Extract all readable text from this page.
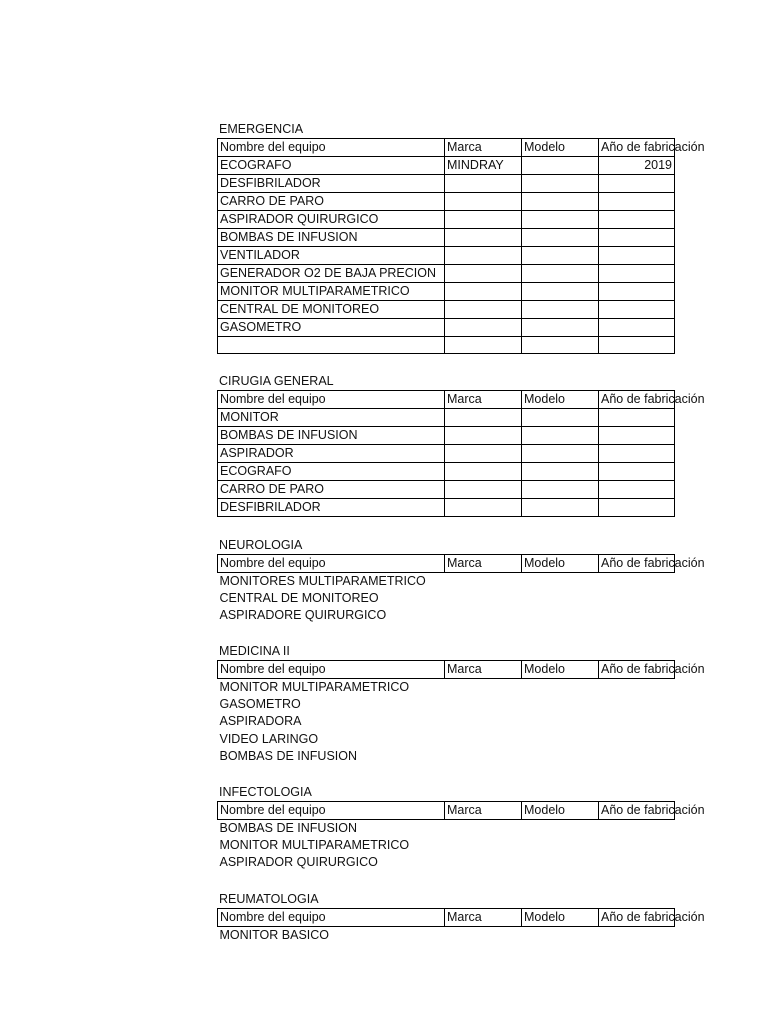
EMERGENCIA
Nombre del equipo	Marca	Modelo	Año de fabricación
ECOGRAFO	MINDRAY		2019
DESFIBRILADOR			
CARRO DE PARO			
ASPIRADOR QUIRURGICO			
BOMBAS DE INFUSION			
VENTILADOR			
GENERADOR O2 DE BAJA PRECION			
MONITOR MULTIPARAMETRICO			
CENTRAL DE MONITOREO			
GASOMETRO			

CIRUGIA GENERAL
Nombre del equipo	Marca	Modelo	Año de fabricación
MONITOR			
BOMBAS DE INFUSION			
ASPIRADOR			
ECOGRAFO			
CARRO DE PARO			
DESFIBRILADOR			
NEUROLOGIA
Nombre del equipo	Marca	Modelo	Año de fabricación
MONITORES MULTIPARAMETRICO			
CENTRAL DE MONITOREO			
ASPIRADORE QUIRURGICO			
MEDICINA II
Nombre del equipo	Marca	Modelo	Año de fabricación
MONITOR MULTIPARAMETRICO			
GASOMETRO			
ASPIRADORA			
VIDEO LARINGO			
BOMBAS DE INFUSION			
INFECTOLOGIA
Nombre del equipo	Marca	Modelo	Año de fabricación
BOMBAS DE INFUSION			
MONITOR MULTIPARAMETRICO			
ASPIRADOR QUIRURGICO			
REUMATOLOGIA
Nombre del equipo	Marca	Modelo	Año de fabricación
MONITOR BASICO			
